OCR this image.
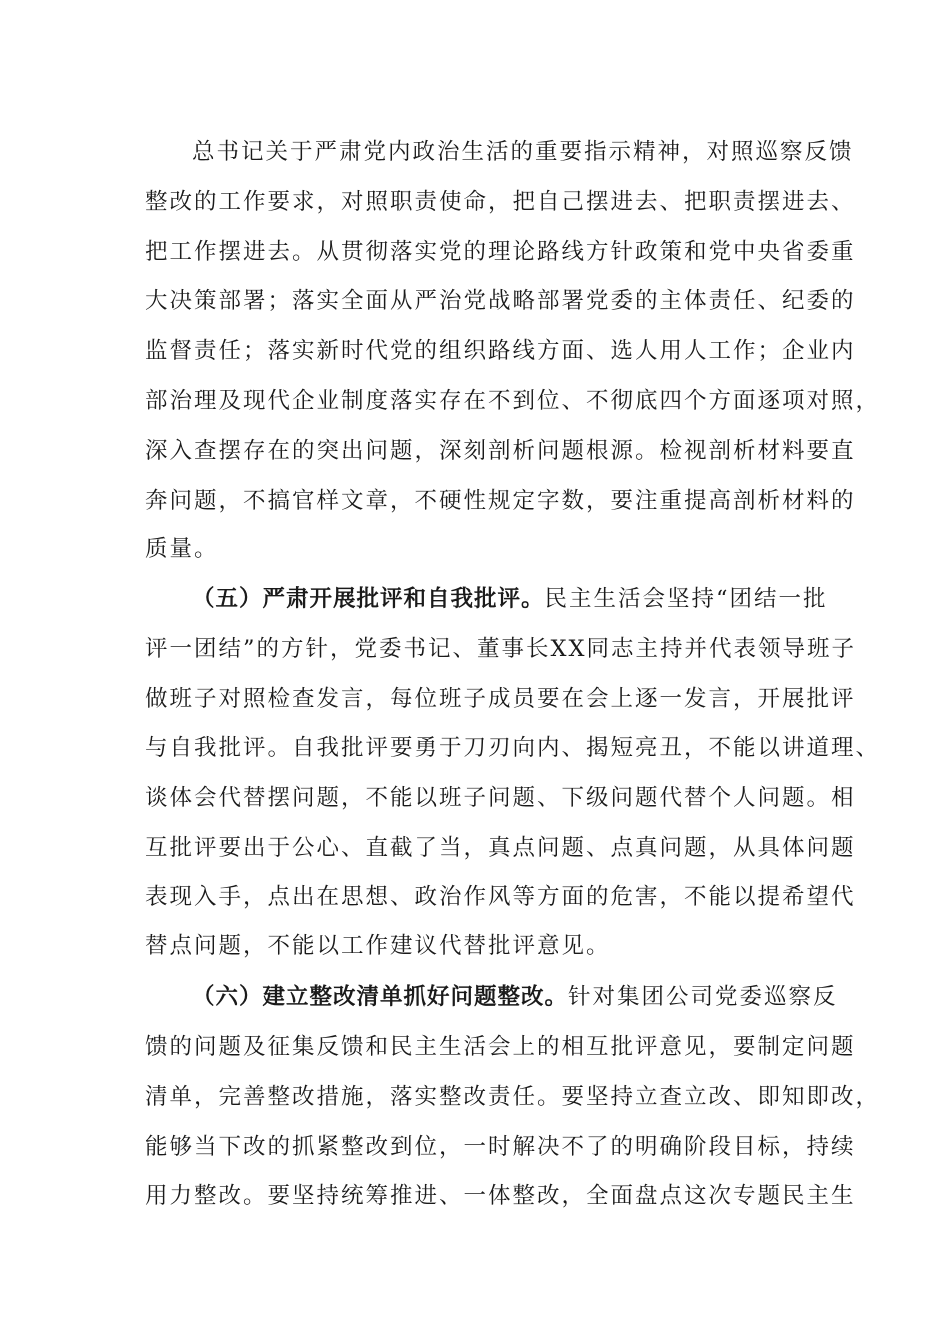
总书记关于严肃党内政治生活的重要指示精神，对照巡察反馈
整改的工作要求，对照职责使命，把自己摆进去、把职责摆进去、
把工作摆进去。从贯彻落实党的理论路线方针政策和党中央省委重
大决策部署；落实全面从严治党战略部署党委的主体责任、纪委的
监督责任；落实新时代党的组织路线方面、选人用人工作；企业内
部治理及现代企业制度落实存在不到位、不彻底四个方面逐项对照，
深入查摆存在的突出问题，深刻剖析问题根源。检视剖析材料要直
奔问题，不搞官样文章，不硬性规定字数，要注重提高剖析材料的
质量。
（五）严肃开展批评和自我批评。民主生活会坚持“团结一批
评一团结”的方针，党委书记、董事长XX同志主持并代表领导班子
做班子对照检查发言，每位班子成员要在会上逐一发言，开展批评
与自我批评。自我批评要勇于刀刃向内、揭短亮丑，不能以讲道理、
谈体会代替摆问题，不能以班子问题、下级问题代替个人问题。相
互批评要出于公心、直截了当，真点问题、点真问题，从具体问题
表现入手，点出在思想、政治作风等方面的危害，不能以提希望代
替点问题，不能以工作建议代替批评意见。
（六）建立整改清单抓好问题整改。针对集团公司党委巡察反
馈的问题及征集反馈和民主生活会上的相互批评意见，要制定问题
清单，完善整改措施，落实整改责任。要坚持立查立改、即知即改，
能够当下改的抓紧整改到位，一时解决不了的明确阶段目标，持续
用力整改。要坚持统筹推进、一体整改，全面盘点这次专题民主生
